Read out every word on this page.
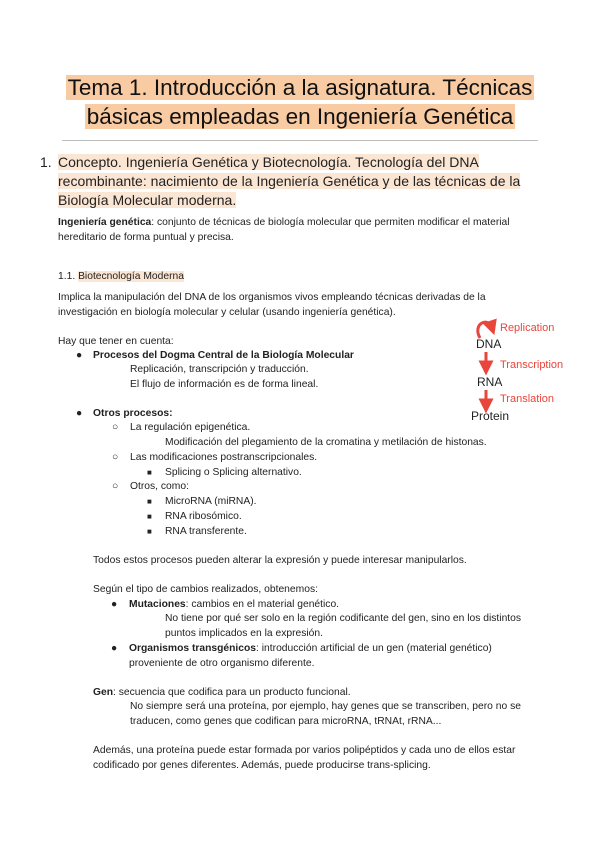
Tema 1. Introducción a la asignatura. Técnicas
básicas empleadas en Ingeniería Genética
1. Concepto. Ingeniería Genética y Biotecnología. Tecnología del DNA
recombinante: nacimiento de la Ingeniería Genética y de las técnicas de la
Biología Molecular moderna.
Ingeniería genética: conjunto de técnicas de biología molecular que permiten modificar el material
hereditario de forma puntual y precisa.
1.1. Biotecnología Moderna
Implica la manipulación del DNA de los organismos vivos empleando técnicas derivadas de la
investigación en biología molecular y celular (usando ingeniería genética).
Hay que tener en cuenta:
● Procesos del Dogma Central de la Biología Molecular
Replicación, transcripción y traducción.
El flujo de información es de forma lineal.
● Otros procesos:
○ La regulación epigenética.
Modificación del plegamiento de la cromatina y metilación de histonas.
○ Las modificaciones postranscripcionales.
■ Splicing o Splicing alternativo.
○ Otros, como:
■ MicroRNA (miRNA).
■ RNA ribosómico.
■ RNA transferente.
Todos estos procesos pueden alterar la expresión y puede interesar manipularlos.
Según el tipo de cambios realizados, obtenemos:
● Mutaciones: cambios en el material genético.
No tiene por qué ser solo en la región codificante del gen, sino en los distintos
puntos implicados en la expresión.
● Organismos transgénicos: introducción artificial de un gen (material genético)
proveniente de otro organismo diferente.
Gen: secuencia que codifica para un producto funcional.
No siempre será una proteína, por ejemplo, hay genes que se transcriben, pero no se
traducen, como genes que codifican para microRNA, tRNAt, rRNA...
Además, una proteína puede estar formada por varios polipéptidos y cada uno de ellos estar
codificado por genes diferentes. Además, puede producirse trans-splicing.
Replication
DNA
Transcription
RNA
Translation
Protein
